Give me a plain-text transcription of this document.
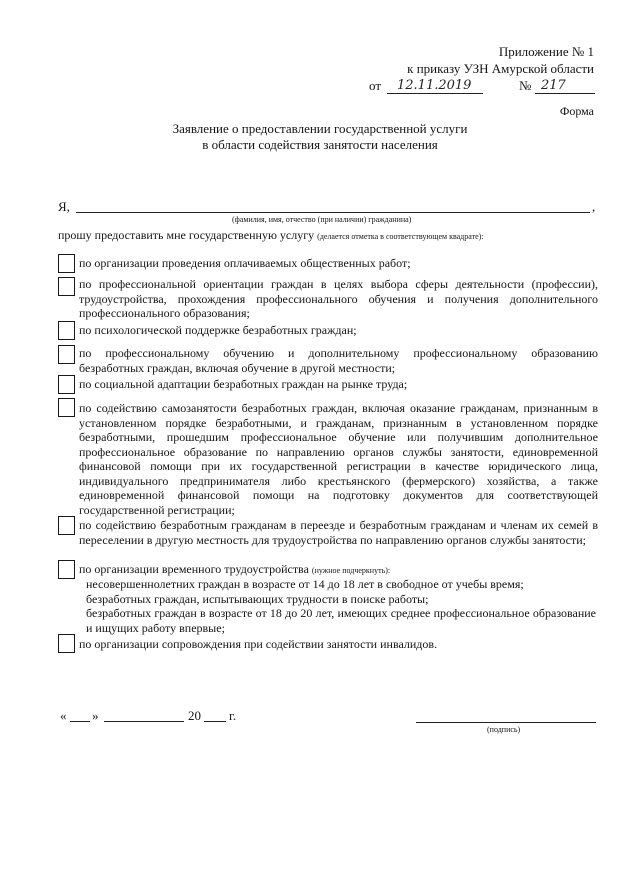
Приложение № 1
к приказу УЗН Амурской области
от 12.11.2019	№ 217
Форма
Заявление о предоставлении государственной услуги
в области содействия занятости населения
Я,	,
(фамилия, имя, отчество (при наличии) гражданина)
прошу предоставить мне государственную услугу (делается отметка в соответствующем квадрате):
по организации проведения оплачиваемых общественных работ;
по профессиональной ориентации граждан в целях выбора сферы деятельности (профессии), трудоустройства, прохождения профессионального обучения и получения дополнительного профессионального образования;
по психологической поддержке безработных граждан;
по профессиональному обучению и дополнительному профессиональному образованию безработных граждан, включая обучение в другой местности;
по социальной адаптации безработных граждан на рынке труда;
по содействию самозанятости безработных граждан, включая оказание гражданам, признанным в установленном порядке безработными, и гражданам, признанным в установленном порядке безработными, прошедшим профессиональное обучение или получившим дополнительное профессиональное образование по направлению органов службы занятости, единовременной финансовой помощи при их государственной регистрации в качестве юридического лица, индивидуального предпринимателя либо крестьянского (фермерского) хозяйства, а также единовременной финансовой помощи на подготовку документов для соответствующей государственной регистрации;
по содействию безработным гражданам в переезде и безработным гражданам и членам их семей в переселении в другую местность для трудоустройства по направлению органов службы занятости;
по организации временного трудоустройства (нужное подчеркнуть):
несовершеннолетних граждан в возрасте от 14 до 18 лет в свободное от учебы время;
безработных граждан, испытывающих трудности в поиске работы;
безработных граждан в возрасте от 18 до 20 лет, имеющих среднее профессиональное образование и ищущих работу впервые;
по организации сопровождения при содействии занятости инвалидов.
« »	20 г.
(подпись)
